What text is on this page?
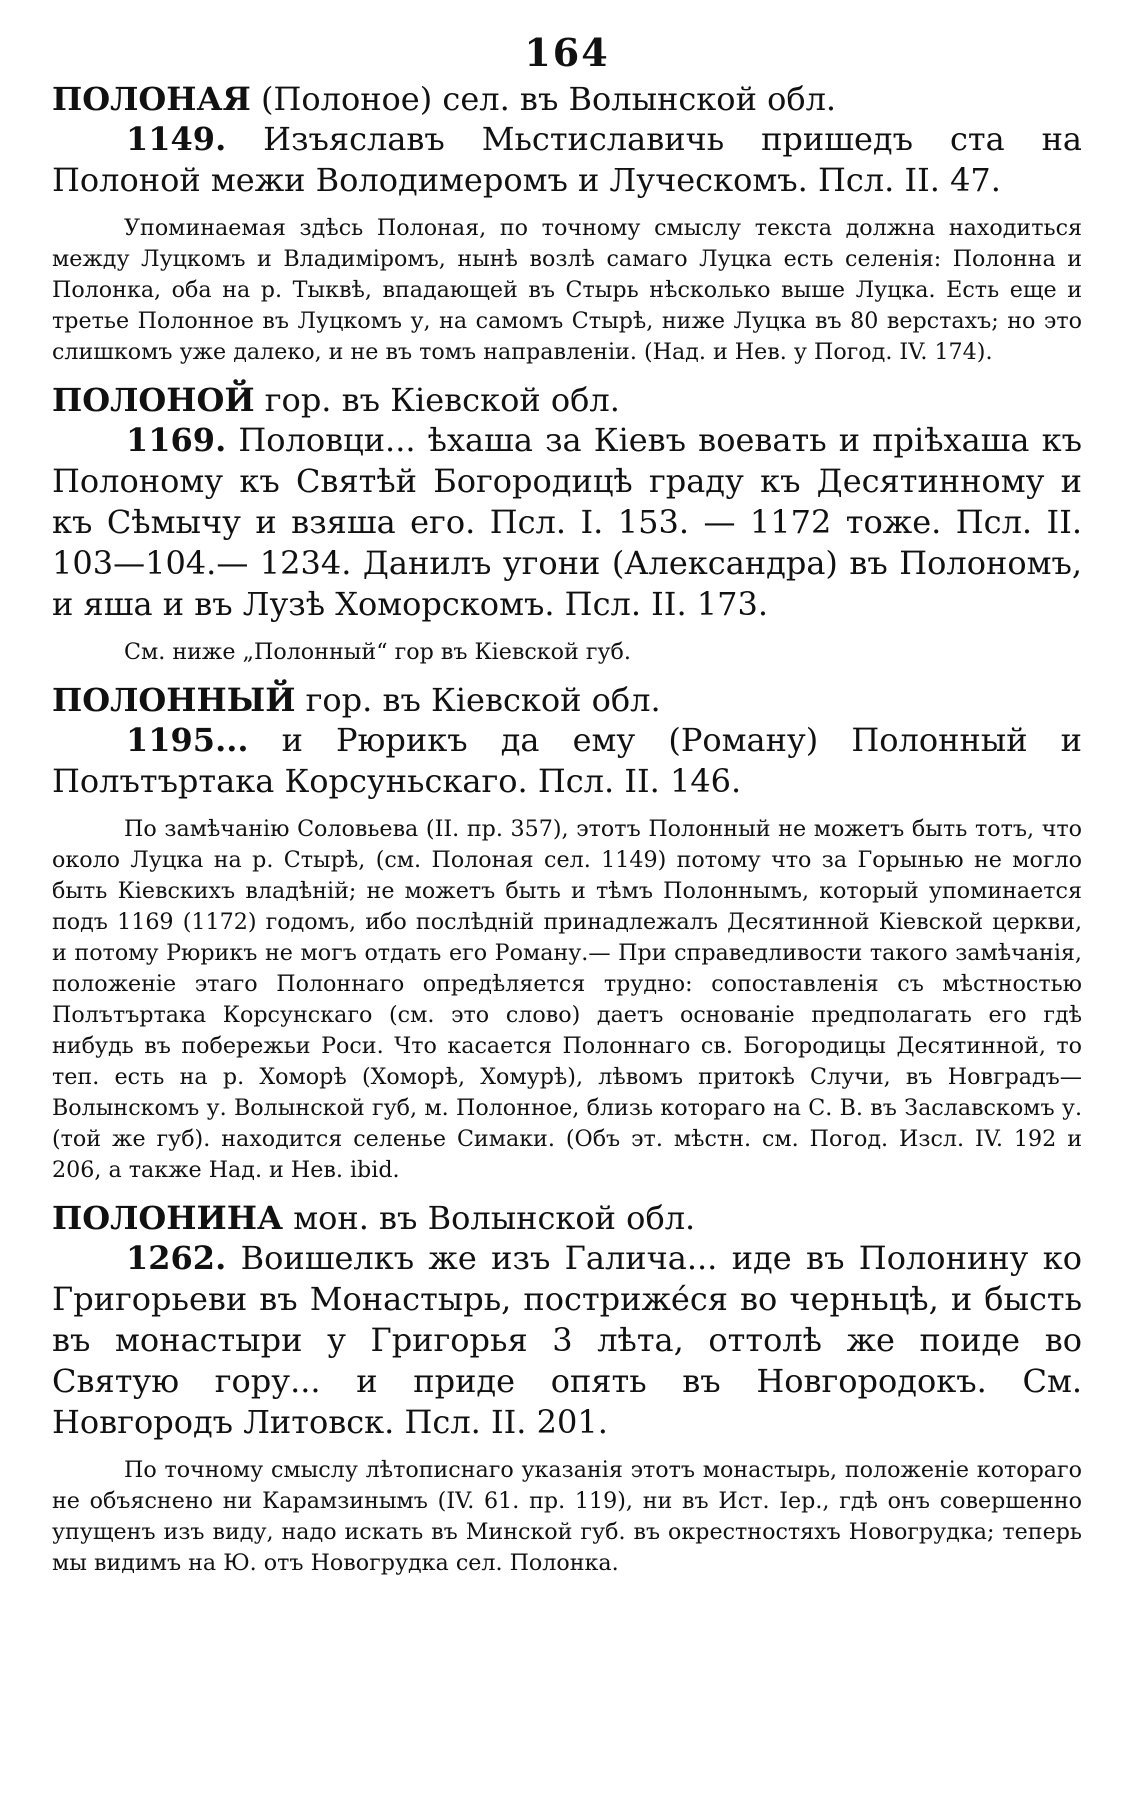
164

ПОЛОНАЯ (Полоное) сел. въ Волынской обл.

1149. Изъяславъ Мьстиславичь пришедъ ста на Полоной межи Володимеромъ и Луческомъ. Псл. II. 47.

Упоминаемая здѣсь Полоная, по точному смыслу текста должна находиться между Луцкомъ и Владиміромъ, нынѣ возлѣ самаго Луцка есть селенія: Полонна и Полонка, оба на р. Тыквѣ, впадающей въ Стырь нѣсколько выше Луцка. Есть еще и третье Полонное въ Луцкомъ у, на самомъ Стырѣ, ниже Луцка въ 80 верстахъ; но это слишкомъ уже далеко, и не въ томъ направленіи. (Над. и Нев. у Погод. IV. 174).

ПОЛОНОЙ гор. въ Кіевской обл.

1169. Половци... ѣхаша за Кіевъ воевать и пріѣхаша къ Полоному къ Святѣй Богородицѣ граду къ Десятинному и къ Сѣмычу и взяша его. Псл. I. 153. — 1172 тоже. Псл. II. 103—104.— 1234. Данилъ угони (Александра) въ Полономъ, и яша и въ Лузѣ Хоморскомъ. Псл. II. 173.

См. ниже „Полонный“ гор въ Кіевской губ.

ПОЛОННЫЙ гор. въ Кіевской обл.

1195... и Рюрикъ да ему (Роману) Полонный и Полътъртака Корсуньскаго. Псл. II. 146.

По замѣчанію Соловьева (II. пр. 357), этотъ Полонный не можетъ быть тотъ, что около Луцка на р. Стырѣ, (см. Полоная сел. 1149) потому что за Горынью не могло быть Кіевскихъ владѣній; не можетъ быть и тѣмъ Полоннымъ, который упоминается подъ 1169 (1172) годомъ, ибо послѣдній принадлежалъ Десятинной Кіевской церкви, и потому Рюрикъ не могъ отдать его Роману.— При справедливости такого замѣчанія, положеніе этаго Полоннаго опредѣляется трудно: сопоставленія съ мѣстностью Полътъртака Корсунскаго (см. это слово) даетъ основаніе предполагать его гдѣ нибудь въ побережьи Роси. Что касается Полоннаго св. Богородицы Десятинной, то теп. есть на р. Хоморѣ (Хоморѣ, Хомурѣ), лѣвомъ притокѣ Случи, въ Новградъ—Волынскомъ у. Волынской губ, м. Полонное, близь котораго на С. В. въ Заславскомъ у. (той же губ). находится селенье Симаки. (Объ эт. мѣстн. см. Погод. Изсл. IV. 192 и 206, а также Над. и Нев. ibid.

ПОЛОНИНА мон. въ Волынской обл.

1262. Воишелкъ же изъ Галича... иде въ Полонину ко Григорьеви въ Монастырь, постриже́ся во черньцѣ, и бысть въ монастыри у Григорья 3 лѣта, оттолѣ же поиде во Святую гору... и приде опять въ Новгородокъ. См. Новгородъ Литовск. Псл. II. 201.

По точному смыслу лѣтописнаго указанія этотъ монастырь, положеніе котораго не объяснено ни Карамзинымъ (IV. 61. пр. 119), ни въ Ист. Іер., гдѣ онъ совершенно упущенъ изъ виду, надо искать въ Минской губ. въ окрестностяхъ Новогрудка; теперь мы видимъ на Ю. отъ Новогрудка сел. Полонка.
